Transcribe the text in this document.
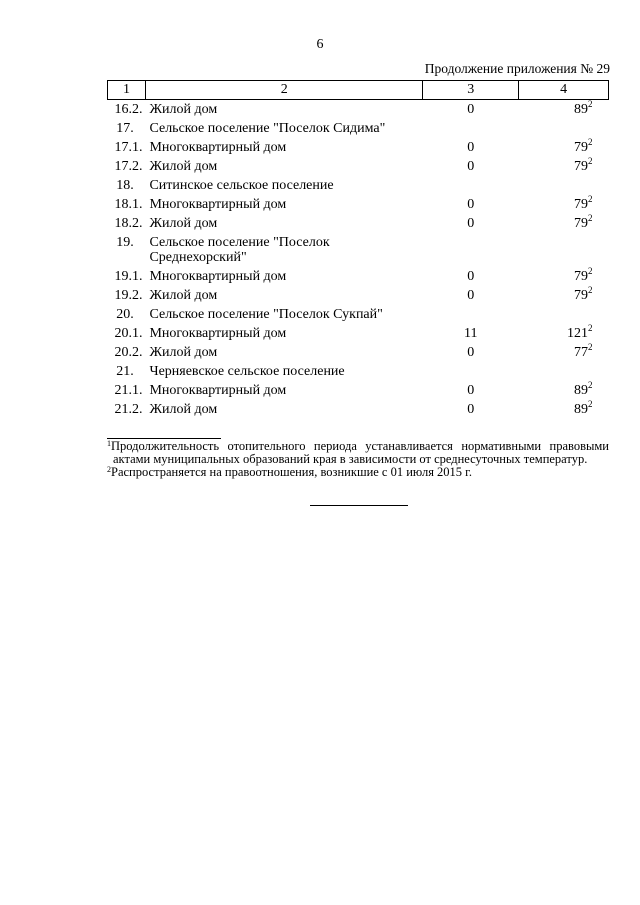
6
Продолжение приложения № 29
1	2	3	4
16.2.	Жилой дом	0	$89^2$
17.	Сельское поселение "Поселок Сидима"		
17.1.	Многоквартирный дом	0	$79^2$
17.2.	Жилой дом	0	$79^2$
18.	Ситинское сельское поселение		
18.1.	Многоквартирный дом	0	$79^2$
18.2.	Жилой дом	0	$79^2$
19.	Сельское поселение "Поселок Среднехорский"		
19.1.	Многоквартирный дом	0	$79^2$
19.2.	Жилой дом	0	$79^2$
20.	Сельское поселение "Поселок Сукпай"		
20.1.	Многоквартирный дом	11	$121^2$
20.2.	Жилой дом	0	$77^2$
21.	Черняевское сельское поселение		
21.1.	Многоквартирный дом	0	$89^2$
21.2.	Жилой дом	0	$89^2$
$^1$Продолжительность отопительного периода устанавливается нормативными правовыми
актами муниципальных образований края в зависимости от среднесуточных температур.
$^2$Распространяется на правоотношения, возникшие с 01 июля 2015 г.
